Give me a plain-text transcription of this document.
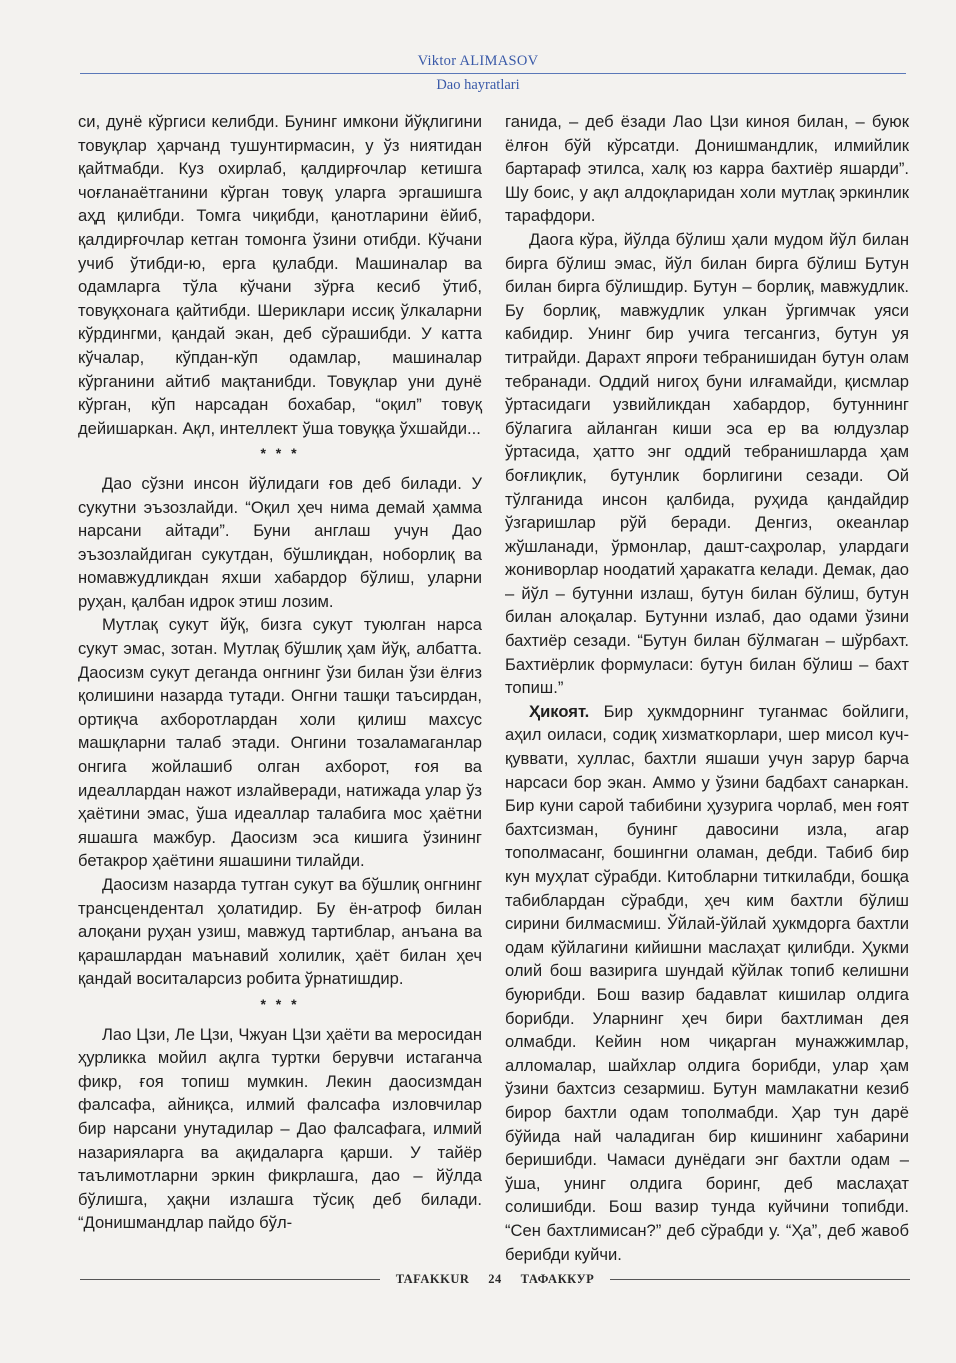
Viktor ALIMASOV
Dao hayratlari

си, дунё кўргиси келибди. Бунинг имкони йўқлигини товуқлар ҳарчанд тушунтирмасин, у ўз ниятидан қайтмабди. Куз охирлаб, қалдирғочлар кетишга чоғланаётганини кўрган товуқ уларга эргашишга аҳд қилибди. Томга чиқибди, қанотларини ёйиб, қалдирғочлар кетган томонга ўзини отибди. Кўчани учиб ўтибди-ю, ерга қулабди. Машиналар ва одамларга тўла кўчани зўрға кесиб ўтиб, товуқхонага қайтибди. Шериклари иссиқ ўлкаларни кўрдингми, қандай экан, деб сўрашибди. У катта кўчалар, кўпдан-кўп одамлар, машиналар кўрганини айтиб мақтанибди. Товуқлар уни дунё кўрган, кўп нарсадан бохабар, “оқил” товуқ дейишаркан. Ақл, интеллект ўша товуққа ўхшайди...

* * *

Дао сўзни инсон йўлидаги ғов деб билади. У сукутни эъзозлайди. “Оқил ҳеч нима демай ҳамма нарсани айтади”. Буни англаш учун Дао эъзозлайдиган сукутдан, бўшлиқдан, ноборлиқ ва номавжудликдан яхши хабардор бўлиш, уларни руҳан, қалбан идрок этиш лозим.

Мутлақ сукут йўқ, бизга сукут туюлган нарса сукут эмас, зотан. Мутлақ бўшлиқ ҳам йўқ, албатта. Даосизм сукут деганда онгнинг ўзи билан ўзи ёлғиз қолишини назарда тутади. Онгни ташқи таъсирдан, ортиқча ахборотлардан холи қилиш махсус машқларни талаб этади. Онгини тозаламаганлар онгига жойлашиб олган ахборот, ғоя ва идеаллардан нажот излайверади, натижада улар ўз ҳаётини эмас, ўша идеаллар талабига мос ҳаётни яшашга мажбур. Даосизм эса кишига ўзининг бетакрор ҳаётини яшашини тилайди.

Даосизм назарда тутган сукут ва бўшлиқ онгнинг трансцендентал ҳолатидир. Бу ён-атроф билан алоқани руҳан узиш, мавжуд тартиблар, анъана ва қарашлардан маънавий холилик, ҳаёт билан ҳеч қандай воситаларсиз робита ўрнатишдир.

* * *

Лао Цзи, Ле Цзи, Чжуан Цзи ҳаёти ва меросидан ҳурликка мойил ақлга туртки берувчи истаганча фикр, ғоя топиш мумкин. Лекин даосизмдан фалсафа, айниқса, илмий фалсафа изловчилар бир нарсани унутадилар – Дао фалсафага, илмий назарияларга ва ақидаларга қарши. У тайёр таълимотларни эркин фикрлашга, дао – йўлда бўлишга, ҳақни излашга тўсиқ деб билади. “Донишмандлар пайдо бўл-

ганида, – деб ёзади Лао Цзи киноя билан, – буюк ёлғон бўй кўрсатди. Донишмандлик, илмийлик бартараф этилса, халқ юз карра бахтиёр яшарди”. Шу боис, у ақл алдоқларидан холи мутлақ эркинлик тарафдори.

Даога кўра, йўлда бўлиш ҳали мудом йўл билан бирга бўлиш эмас, йўл билан бирга бўлиш Бутун билан бирга бўлишдир. Бутун – борлиқ, мавжудлик. Бу борлиқ, мавжудлик улкан ўргимчак уяси кабидир. Унинг бир учига тегсангиз, бутун уя титрайди. Дарахт япроғи тебранишидан бутун олам тебранади. Оддий нигоҳ буни илғамайди, қисмлар ўртасидаги узвийликдан хабардор, бутуннинг бўлагига айланган киши эса ер ва юлдузлар ўртасида, ҳаттo энг оддий тебранишларда ҳам боғлиқлик, бутунлик борлигини сезади. Ой тўлганида инсон қалбида, руҳида қандайдир ўзгаришлар рўй беради. Денгиз, океанлар жўшланади, ўрмонлар, дашт-саҳролар, улардаги жониворлар ноодатий ҳаракатга келади. Демак, дао – йўл – бутунни излаш, бутун билан бўлиш, бутун билан алоқалар. Бутунни излаб, дао одами ўзини бахтиёр сезади. “Бутун билан бўлмаган – шўрбахт. Бахтиёрлик формуласи: бутун билан бўлиш – бахт топиш.”

Ҳикоят. Бир ҳукмдорнинг туганмас бойлиги, аҳил оиласи, содиқ хизматкорлари, шер мисол куч-қуввати, хуллас, бахтли яшаши учун зарур барча нарсаси бор экан. Аммо у ўзини бадбахт санаркан. Бир куни сарой табибини ҳузурига чорлаб, мен ғоят бахтсизман, бунинг давосини изла, агар тополмасанг, бошингни оламан, дебди. Табиб бир кун муҳлат сўрабди. Китобларни титкилабди, бошқа табиблардан сўрабди, ҳеч ким бахтли бўлиш сирини билмасмиш. Ўйлай-ўйлай ҳукмдорга бахтли одам кўйлагини кийишни маслаҳат қилибди. Ҳукми олий бош вазирига шундай кўйлак топиб келишни буюрибди. Бош вазир бадавлат кишилар олдига борибди. Уларнинг ҳеч бири бахтлиман дея олмабди. Кейин ном чиқарган мунажжимлар, алломалар, шайхлар олдига борибди, улар ҳам ўзини бахтсиз сезармиш. Бутун мамлакатни кезиб бирор бахтли одам тополмабди. Ҳар тун дарё бўйида най чаладиган бир кишининг хабарини беришибди. Чамаси дунёдаги энг бахтли одам – ўша, унинг олдига боринг, деб маслаҳат солишибди. Бош вазир тунда куйчини топибди. “Сен бахтлимисан?” деб сўрабди у. “Ҳа”, деб жавоб берибди куйчи.

TAFAKKUR 24 ТАФАККУР
